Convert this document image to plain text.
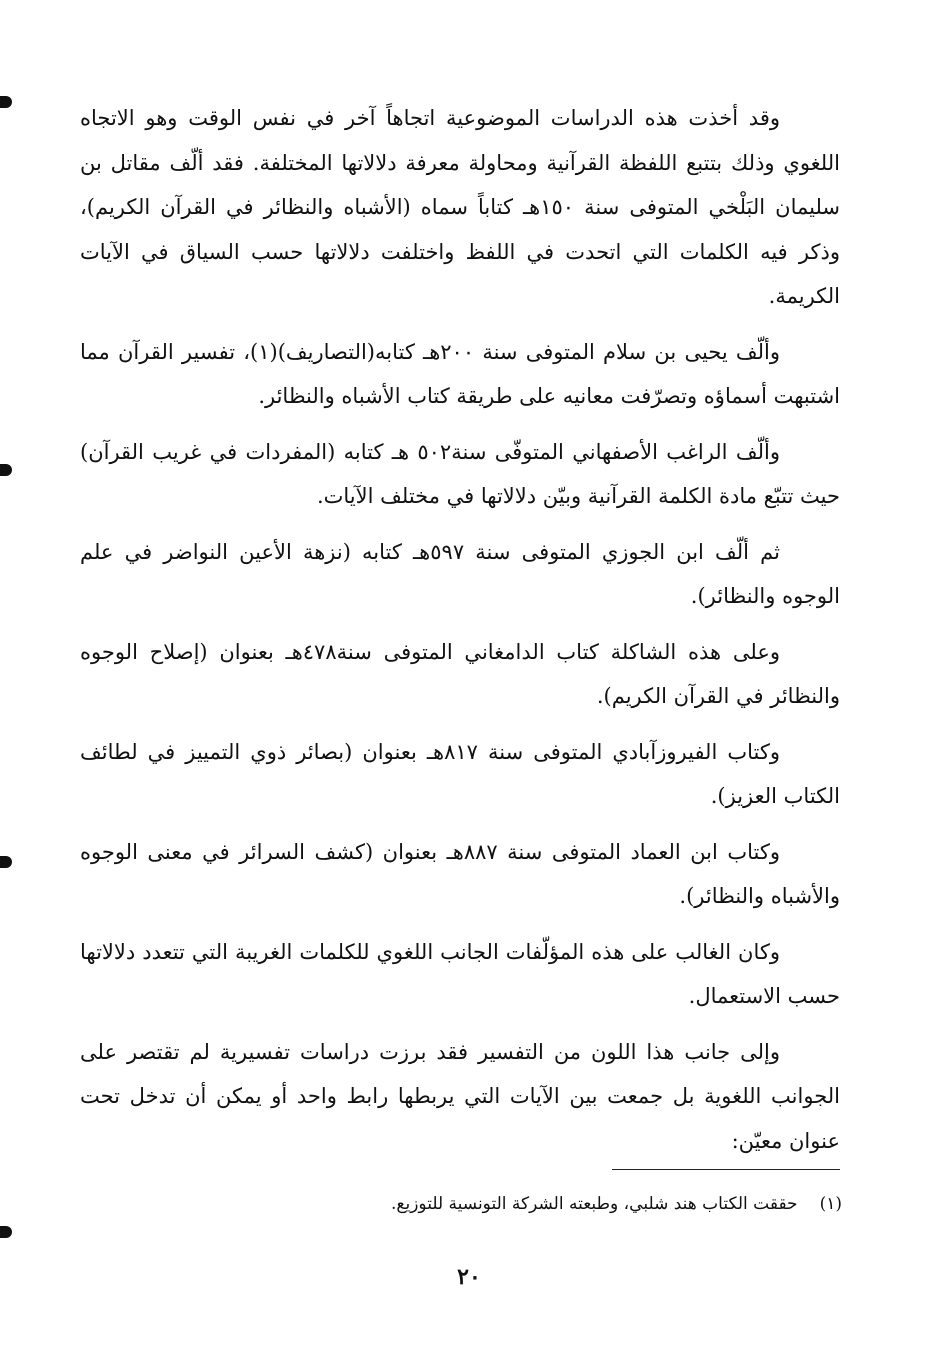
وقد أخذت هذه الدراسات الموضوعية اتجاهاً آخر في نفس الوقت وهو الاتجاه اللغوي وذلك بتتبع اللفظة القرآنية ومحاولة معرفة دلالاتها المختلفة. فقد ألّف مقاتل بن سليمان البَلْخي المتوفى سنة ١٥٠هـ كتاباً سماه (الأشباه والنظائر في القرآن الكريم)، وذكر فيه الكلمات التي اتحدت في اللفظ واختلفت دلالاتها حسب السياق في الآيات الكريمة.

وألّف يحيى بن سلام المتوفى سنة ٢٠٠هـ كتابه(التصاريف)(١)، تفسير القرآن مما اشتبهت أسماؤه وتصرّفت معانيه على طريقة كتاب الأشباه والنظائر.

وألّف الراغب الأصفهاني المتوفّى سنة٥٠٢ هـ كتابه (المفردات في غريب القرآن) حيث تتبّع مادة الكلمة القرآنية وبيّن دلالاتها في مختلف الآيات.

ثم ألّف ابن الجوزي المتوفى سنة ٥٩٧هـ كتابه (نزهة الأعين النواضر في علم الوجوه والنظائر).

وعلى هذه الشاكلة كتاب الدامغاني المتوفى سنة٤٧٨هـ بعنوان (إصلاح الوجوه والنظائر في القرآن الكريم).

وكتاب الفيروزآبادي المتوفى سنة ٨١٧هـ بعنوان (بصائر ذوي التمييز في لطائف الكتاب العزيز).

وكتاب ابن العماد المتوفى سنة ٨٨٧هـ بعنوان (كشف السرائر في معنى الوجوه والأشباه والنظائر).

وكان الغالب على هذه المؤلّفات الجانب اللغوي للكلمات الغريبة التي تتعدد دلالاتها حسب الاستعمال.

وإلى جانب هذا اللون من التفسير فقد برزت دراسات تفسيرية لم تقتصر على الجوانب اللغوية بل جمعت بين الآيات التي يربطها رابط واحد أو يمكن أن تدخل تحت عنوان معيّن:

(١)حققت الكتاب هند شلبي، وطبعته الشركة التونسية للتوزيع.
٢٠
